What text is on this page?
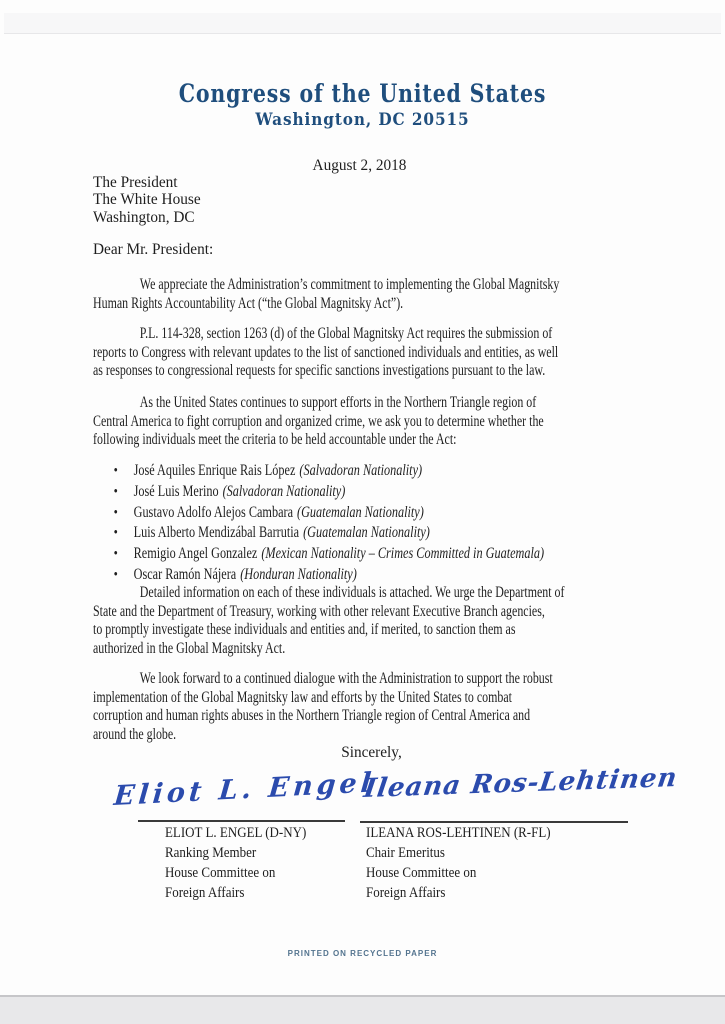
Congress of the United States
Washington, DC 20515
August 2, 2018
The President
The White House
Washington, DC
Dear Mr. President:
We appreciate the Administration’s commitment to implementing the Global Magnitsky
Human Rights Accountability Act (“the Global Magnitsky Act”).
P.L. 114-328, section 1263 (d) of the Global Magnitsky Act requires the submission of
reports to Congress with relevant updates to the list of sanctioned individuals and entities, as well
as responses to congressional requests for specific sanctions investigations pursuant to the law.
As the United States continues to support efforts in the Northern Triangle region of
Central America to fight corruption and organized crime, we ask you to determine whether the
following individuals meet the criteria to be held accountable under the Act:
• José Aquiles Enrique Rais López (Salvadoran Nationality)
• José Luis Merino (Salvadoran Nationality)
• Gustavo Adolfo Alejos Cambara (Guatemalan Nationality)
• Luis Alberto Mendizábal Barrutia (Guatemalan Nationality)
• Remigio Angel Gonzalez (Mexican Nationality – Crimes Committed in Guatemala)
• Oscar Ramón Nájera (Honduran Nationality)
Detailed information on each of these individuals is attached. We urge the Department of
State and the Department of Treasury, working with other relevant Executive Branch agencies,
to promptly investigate these individuals and entities and, if merited, to sanction them as
authorized in the Global Magnitsky Act.
We look forward to a continued dialogue with the Administration to support the robust
implementation of the Global Magnitsky law and efforts by the United States to combat
corruption and human rights abuses in the Northern Triangle region of Central America and
around the globe.
Sincerely,
Eliot L. Engel
ELIOT L. ENGEL (D-NY)
Ranking Member
House Committee on
Foreign Affairs
Ileana Ros-Lehtinen
ILEANA ROS-LEHTINEN (R-FL)
Chair Emeritus
House Committee on
Foreign Affairs
PRINTED ON RECYCLED PAPER
